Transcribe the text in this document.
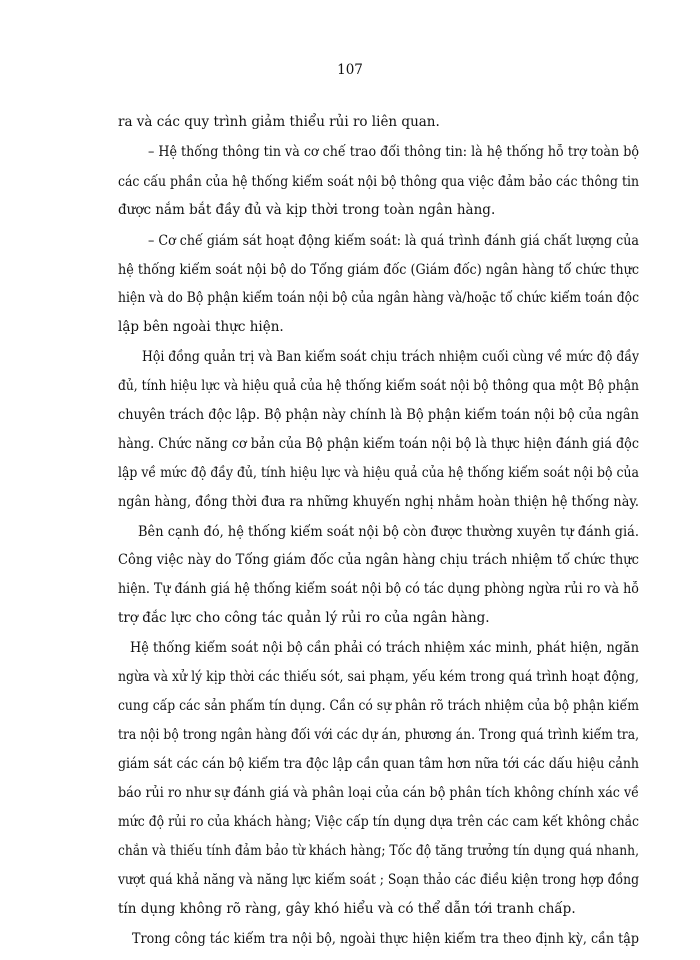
107
ra và các quy trình giảm thiểu rủi ro liên quan.
– Hệ thống thông tin và cơ chế trao đổi thông tin: là hệ thống hỗ trợ toàn bộ
các cấu phần của hệ thống kiểm soát nội bộ thông qua việc đảm bảo các thông tin
được nắm bắt đầy đủ và kịp thời trong toàn ngân hàng.
– Cơ chế giám sát hoạt động kiểm soát: là quá trình đánh giá chất lượng của
hệ thống kiểm soát nội bộ do Tổng giám đốc (Giám đốc) ngân hàng tổ chức thực
hiện và do Bộ phận kiểm toán nội bộ của ngân hàng và/hoặc tổ chức kiểm toán độc
lập bên ngoài thực hiện.
Hội đồng quản trị và Ban kiểm soát chịu trách nhiệm cuối cùng về mức độ đầy
đủ, tính hiệu lực và hiệu quả của hệ thống kiểm soát nội bộ thông qua một Bộ phận
chuyên trách độc lập. Bộ phận này chính là Bộ phận kiểm toán nội bộ của ngân
hàng. Chức năng cơ bản của Bộ phận kiểm toán nội bộ là thực hiện đánh giá độc
lập về mức độ đầy đủ, tính hiệu lực và hiệu quả của hệ thống kiểm soát nội bộ của
ngân hàng, đồng thời đưa ra những khuyến nghị nhằm hoàn thiện hệ thống này.
Bên cạnh đó, hệ thống kiểm soát nội bộ còn được thường xuyên tự đánh giá.
Công việc này do Tổng giám đốc của ngân hàng chịu trách nhiệm tổ chức thực
hiện. Tự đánh giá hệ thống kiểm soát nội bộ có tác dụng phòng ngừa rủi ro và hỗ
trợ đắc lực cho công tác quản lý rủi ro của ngân hàng.
Hệ thống kiểm soát nội bộ cần phải có trách nhiệm xác minh, phát hiện, ngăn
ngừa và xử lý kịp thời các thiếu sót, sai phạm, yếu kém trong quá trình hoạt động,
cung cấp các sản phẩm tín dụng. Cần có sự phân rõ trách nhiệm của bộ phận kiểm
tra nội bộ trong ngân hàng đối với các dự án, phương án. Trong quá trình kiểm tra,
giám sát các cán bộ kiểm tra độc lập cần quan tâm hơn nữa tới các dấu hiệu cảnh
báo rủi ro như sự đánh giá và phân loại của cán bộ phân tích không chính xác về
mức độ rủi ro của khách hàng; Việc cấp tín dụng dựa trên các cam kết không chắc
chắn và thiếu tính đảm bảo từ khách hàng; Tốc độ tăng trưởng tín dụng quá nhanh,
vượt quá khả năng và năng lực kiểm soát ; Soạn thảo các điều kiện trong hợp đồng
tín dụng không rõ ràng, gây khó hiểu và có thể dẫn tới tranh chấp.
Trong công tác kiểm tra nội bộ, ngoài thực hiện kiểm tra theo định kỳ, cần tập
